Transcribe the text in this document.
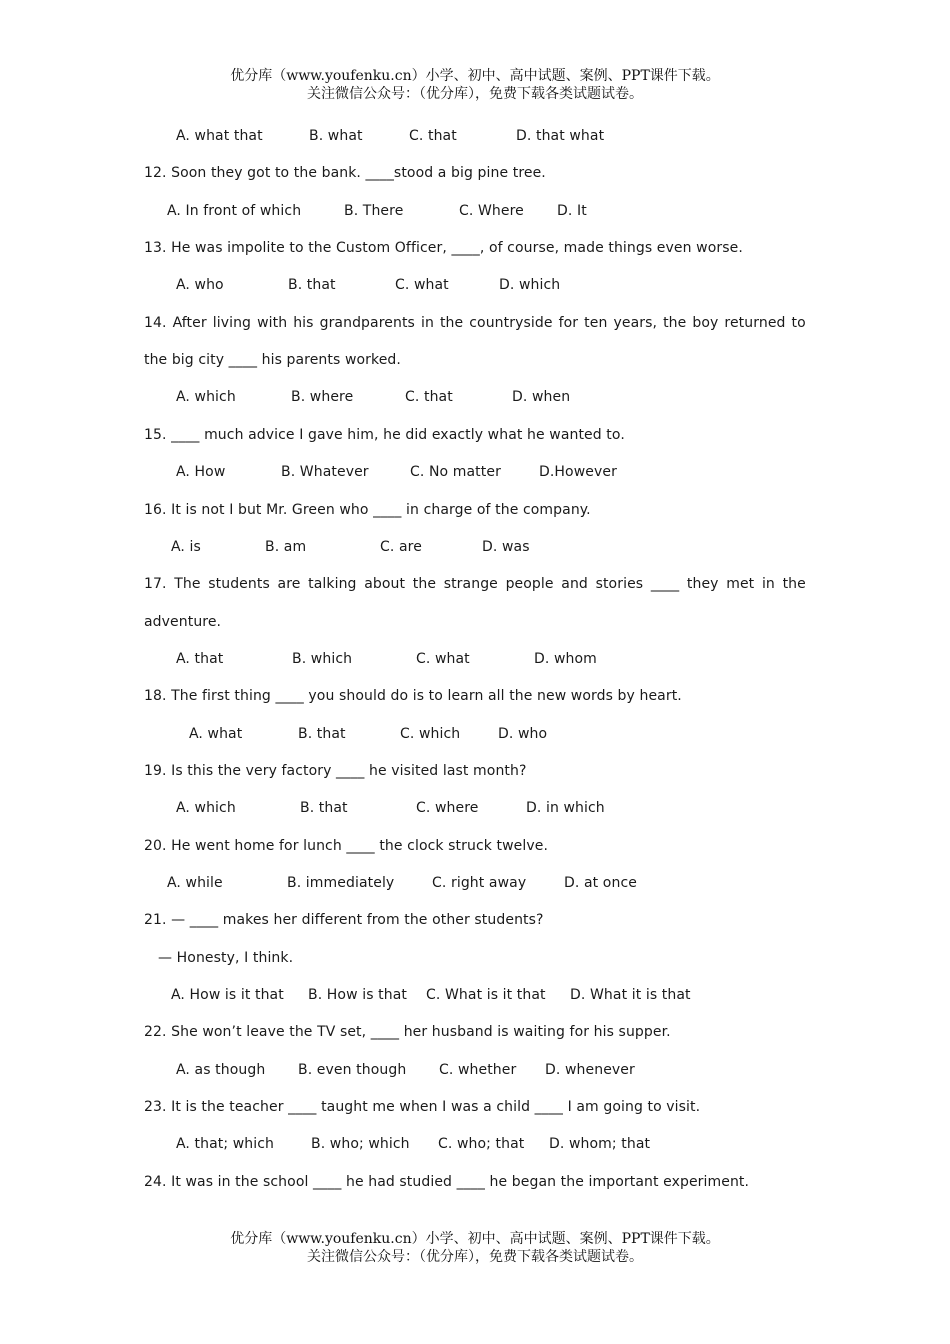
优分库（www.youfenku.cn）小学、初中、高中试题、案例、PPT课件下载。
关注微信公众号：（优分库），免费下载各类试题试卷。
A. what that	B. what	C. that	D. that what
12. Soon they got to the bank. ____stood a big pine tree.
A. In front of which	B. There	C. Where D. It
13. He was impolite to the Custom Officer, ____, of course, made things even worse.
A. who	B. that	C. what	D. which
14. After living with his grandparents in the countryside for ten years, the boy returned to
the big city ____ his parents worked.
A. which	B. where	C. that	D. when
15. ____ much advice I gave him, he did exactly what he wanted to.
A. How	B. Whatever	C. No matter	D.However
16. It is not I but Mr. Green who ____ in charge of the company.
A. is	B. am	C. are	D. was
17. The students are talking about the strange people and stories ____ they met in the
adventure.
A. that	B. which	C. what	D. whom
18. The first thing ____ you should do is to learn all the new words by heart.
A. what	B. that	C. which	D. who
19. Is this the very factory ____ he visited last month?
A. which	B. that	C. where	D. in which
20. He went home for lunch ____ the clock struck twelve.
A. while	B. immediately	C. right away	D. at once
21. — ____ makes her different from the other students?
— Honesty, I think.
A. How is it that B. How is that C. What is it that D. What it is that
22. She won’t leave the TV set, ____ her husband is waiting for his supper.
A. as though B. even though C. whether D. whenever
23. It is the teacher ____ taught me when I was a child ____ I am going to visit.
A. that; which	B. who; which C. who; that D. whom; that
24. It was in the school ____ he had studied ____ he began the important experiment.
优分库（www.youfenku.cn）小学、初中、高中试题、案例、PPT课件下载。
关注微信公众号：（优分库），免费下载各类试题试卷。
